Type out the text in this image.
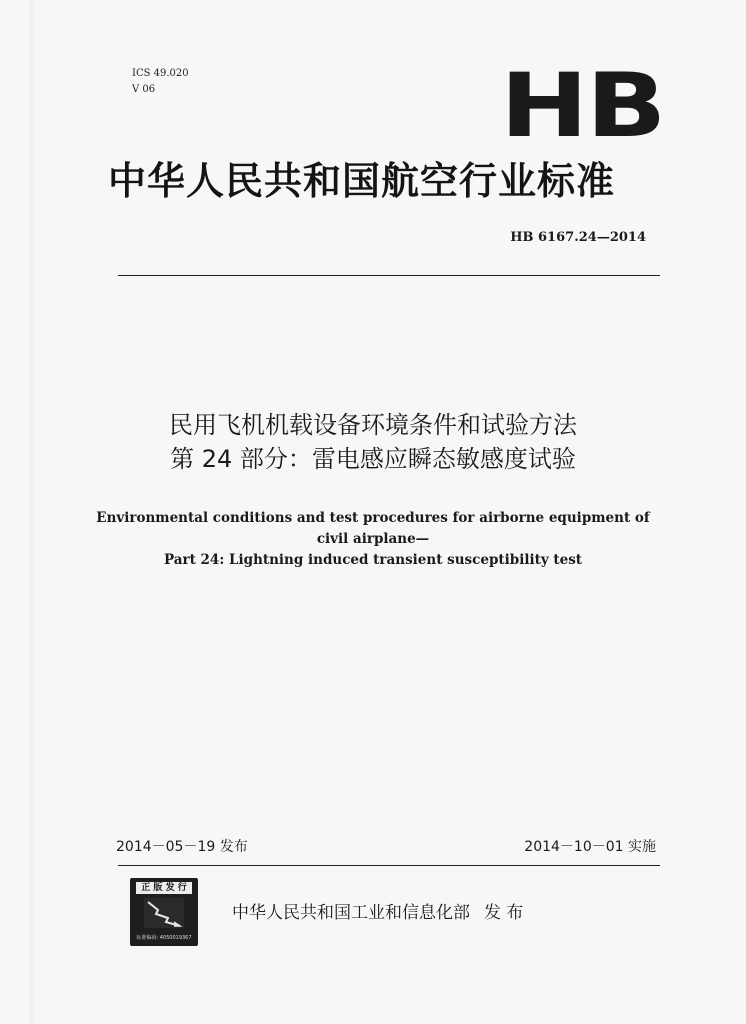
ICS 49.020
V 06	HB
中华人民共和国航空行业标准
HB 6167.24—2014
民用飞机机载设备环境条件和试验方法
第 24 部分：雷电感应瞬态敏感度试验
Environmental conditions and test procedures for airborne equipment of
civil airplane—
Part 24: Lightning induced transient susceptibility test
2014－05－19 发布	2014－10－01 实施
正 版 发 行
标准编码: 4050019367
中华人民共和国工业和信息化部 发 布
